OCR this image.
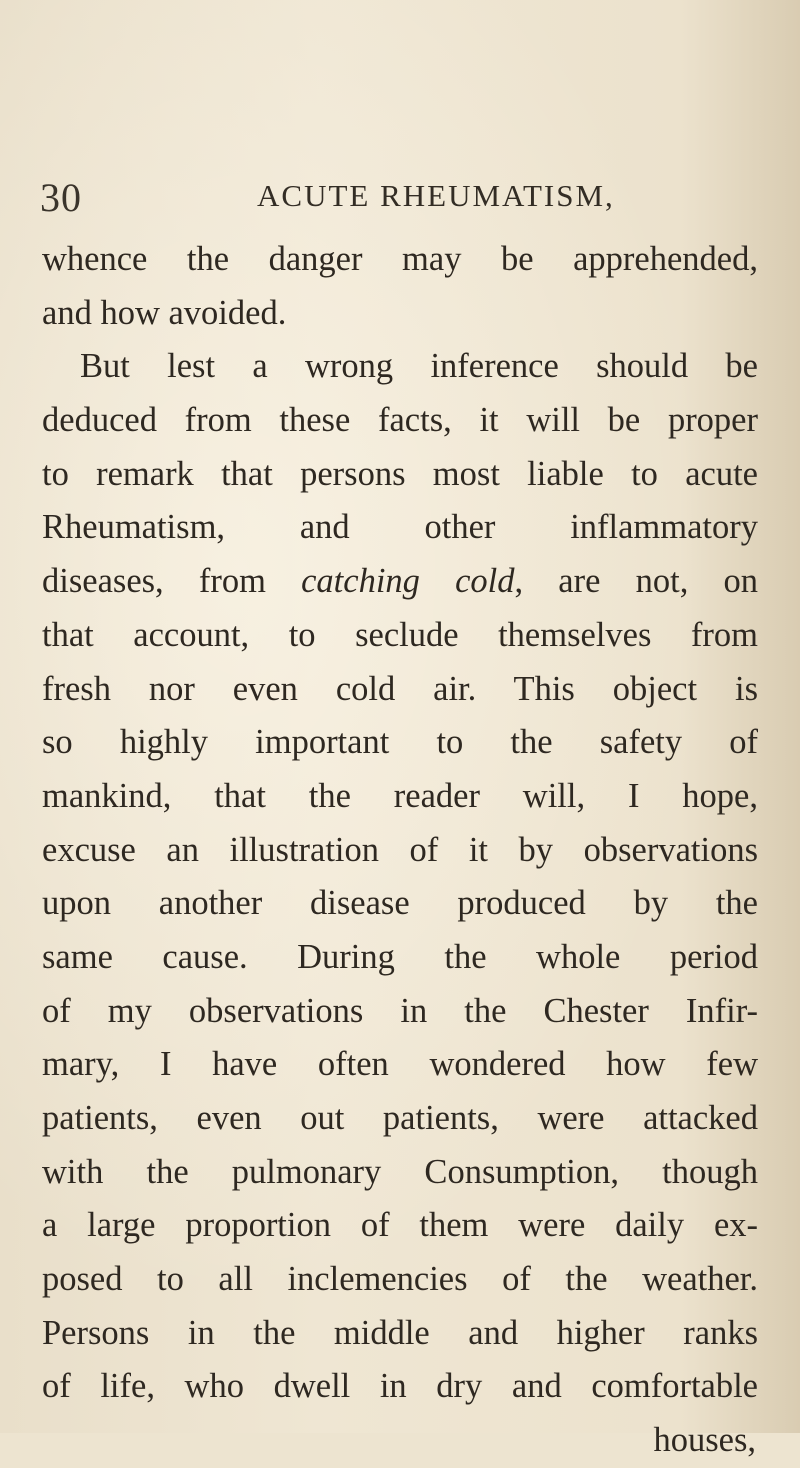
30	ACUTE RHEUMATISM,
whence the danger may be apprehended,
and how avoided.
But lest a wrong inference should be
deduced from these facts, it will be proper
to remark that persons most liable to acute
Rheumatism, and other inflammatory
diseases, from catching cold, are not, on
that account, to seclude themselves from
fresh nor even cold air. This object is
so highly important to the safety of
mankind, that the reader will, I hope,
excuse an illustration of it by observations
upon another disease produced by the
same cause. During the whole period
of my observations in the Chester Infir-
mary, I have often wondered how few
patients, even out patients, were attacked
with the pulmonary Consumption, though
a large proportion of them were daily ex-
posed to all inclemencies of the weather.
Persons in the middle and higher ranks
of life, who dwell in dry and comfortable
houses,
